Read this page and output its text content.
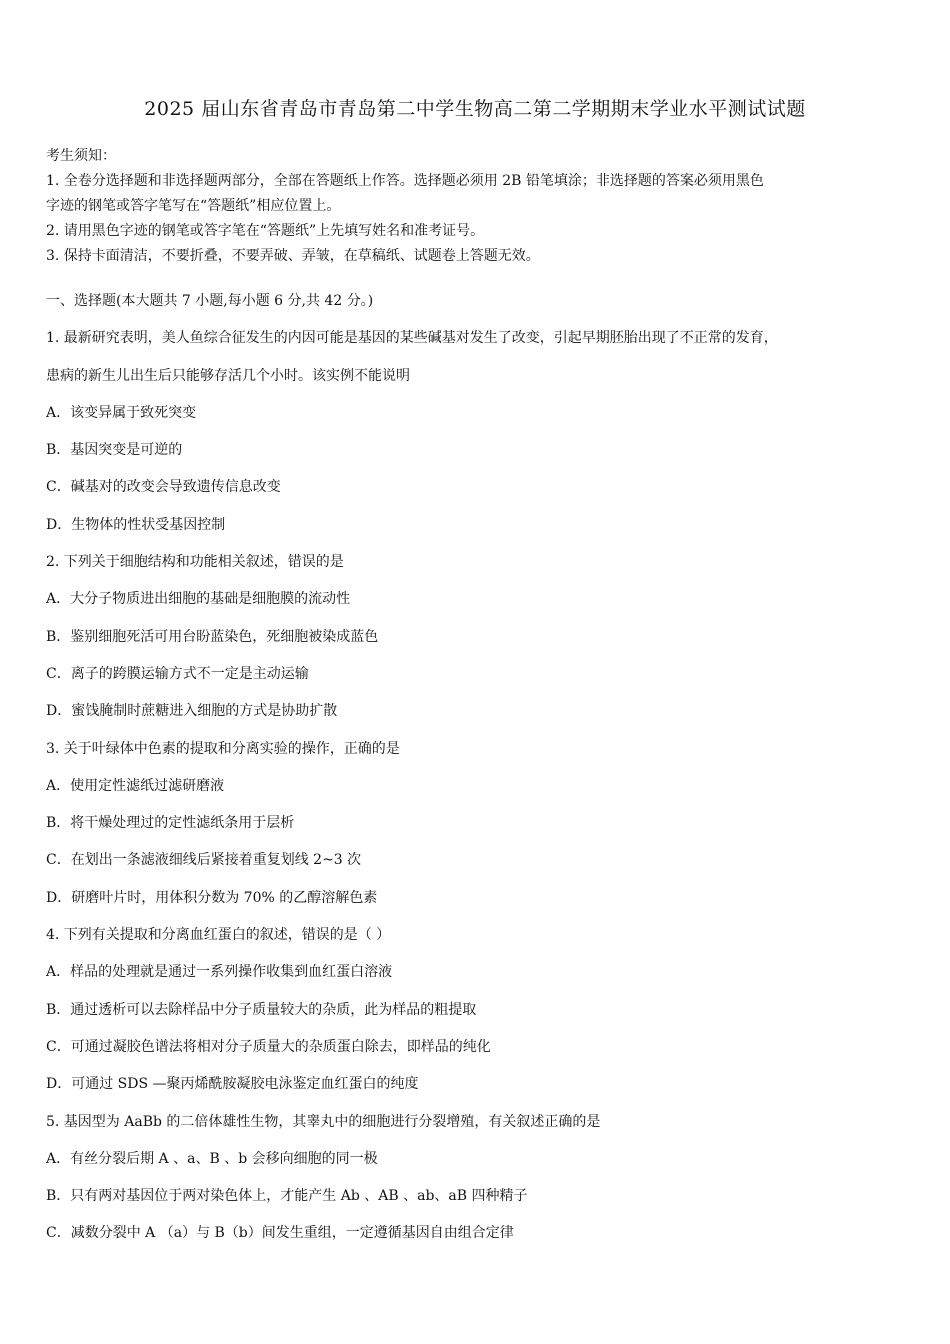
2025 届山东省青岛市青岛第二中学生物高二第二学期期末学业水平测试试题

考生须知：

1. 全卷分选择题和非选择题两部分，全部在答题纸上作答。选择题必须用 2B 铅笔填涂；非选择题的答案必须用黑色

字迹的钢笔或答字笔写在“答题纸”相应位置上。

2. 请用黑色字迹的钢笔或答字笔在“答题纸”上先填写姓名和准考证号。

3. 保持卡面清洁，不要折叠，不要弄破、弄皱，在草稿纸、试题卷上答题无效。

一、选择题(本大题共 7 小题,每小题 6 分,共 42 分。)

1. 最新研究表明，美人鱼综合征发生的内因可能是基因的某些碱基对发生了改变，引起早期胚胎出现了不正常的发育，

患病的新生儿出生后只能够存活几个小时。该实例不能说明

A．该变异属于致死突变

B．基因突变是可逆的

C．碱基对的改变会导致遗传信息改变

D．生物体的性状受基因控制

2. 下列关于细胞结构和功能相关叙述，错误的是

A．大分子物质进出细胞的基础是细胞膜的流动性

B．鉴别细胞死活可用台盼蓝染色，死细胞被染成蓝色

C．离子的跨膜运输方式不一定是主动运输

D．蜜饯腌制时蔗糖进入细胞的方式是协助扩散

3. 关于叶绿体中色素的提取和分离实验的操作，正确的是

A．使用定性滤纸过滤研磨液

B．将干燥处理过的定性滤纸条用于层析

C．在划出一条滤液细线后紧接着重复划线 2~3 次

D．研磨叶片时，用体积分数为 70% 的乙醇溶解色素

4. 下列有关提取和分离血红蛋白的叙述，错误的是（ ）

A．样品的处理就是通过一系列操作收集到血红蛋白溶液

B．通过透析可以去除样品中分子质量较大的杂质，此为样品的粗提取

C．可通过凝胶色谱法将相对分子质量大的杂质蛋白除去，即样品的纯化

D．可通过 SDS —聚丙烯酰胺凝胶电泳鉴定血红蛋白的纯度

5. 基因型为 AaBb 的二倍体雄性生物，其睾丸中的细胞进行分裂增殖，有关叙述正确的是

A．有丝分裂后期 A 、a、B 、b 会移向细胞的同一极

B．只有两对基因位于两对染色体上，才能产生 Ab 、AB 、ab、aB 四种精子

C．减数分裂中 A （a）与 B（b）间发生重组，一定遵循基因自由组合定律
